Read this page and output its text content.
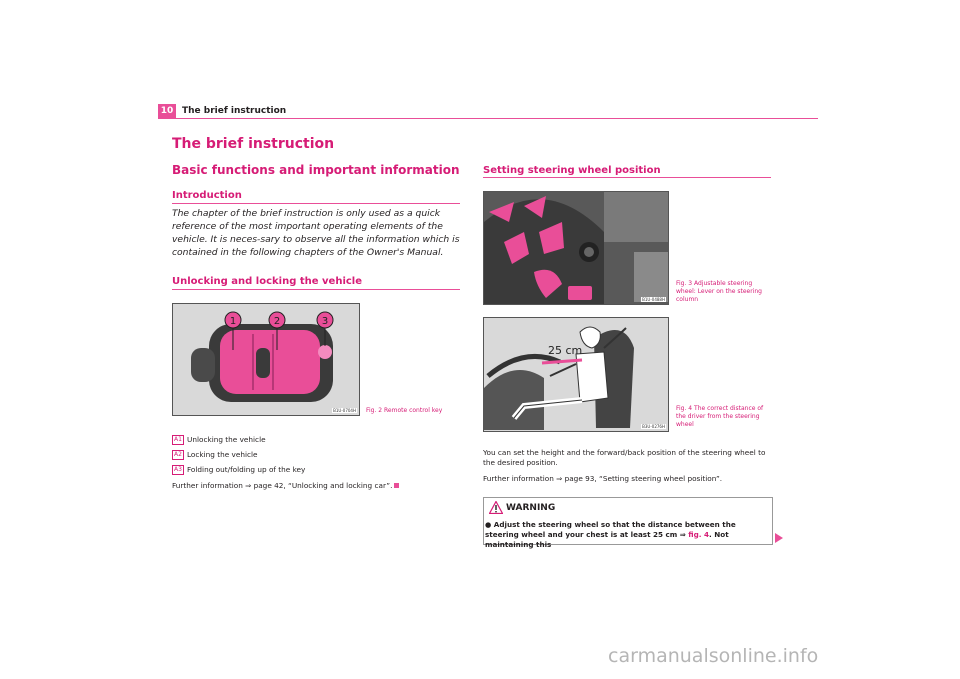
10 The brief instruction
The brief instruction
Basic functions and important information
Introduction
The chapter of the brief instruction is only used as a quick reference of the most important operating elements of the vehicle. It is neces-sary to observe all the information which is contained in the following chapters of the Owner's Manual.
Unlocking and locking the vehicle
1	2	3
B1U-0704H Fig. 2 Remote control key
A1 Unlocking the vehicle
A2 Locking the vehicle
A3 Folding out/folding up of the key
Further information ⇒ page 42, “Unlocking and locking car”.
Setting steering wheel position
B1U-0488H
Fig. 3 Adjustable steering wheel: Lever on the steering column
25 cm
B3U-0276H
Fig. 4 The correct distance of the driver from the steering wheel
You can set the height and the forward/back position of the steering wheel to the desired position.
Further information ⇒ page 93, “Setting steering wheel position”.
WARNING
● Adjust the steering wheel so that the distance between the steering wheel and your chest is at least 25 cm ⇒ fig. 4. Not maintaining this
carmanualsonline.info
